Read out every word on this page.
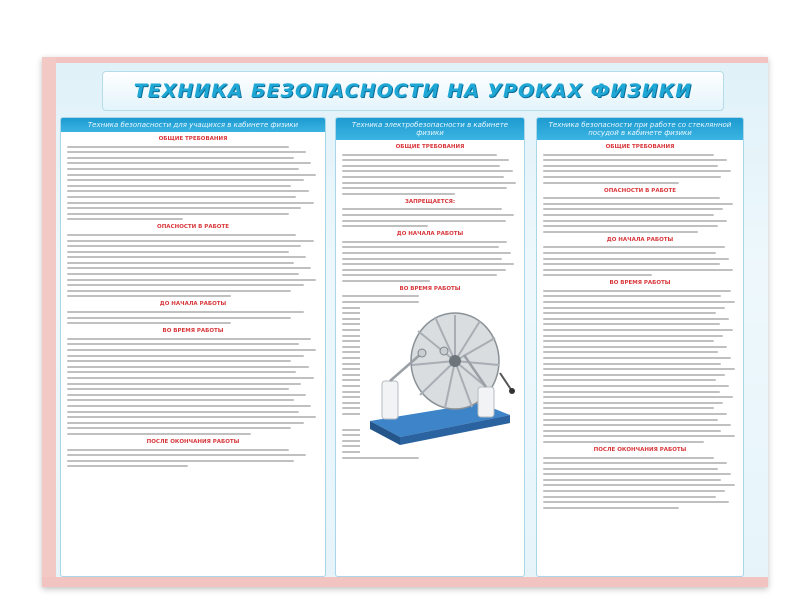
ТЕХНИКА БЕЗОПАСНОСТИ НА УРОКАХ ФИЗИКИ
Техника безопасности для учащихся в кабинете физики
ОБЩИЕ ТРЕБОВАНИЯ
ОПАСНОСТИ В РАБОТЕ
ДО НАЧАЛА РАБОТЫ
ВО ВРЕМЯ РАБОТЫ
ПОСЛЕ ОКОНЧАНИЯ РАБОТЫ
Техника электробезопасности в кабинете физики
ОБЩИЕ ТРЕБОВАНИЯ
ЗАПРЕЩАЕТСЯ:
ДО НАЧАЛА РАБОТЫ
ВО ВРЕМЯ РАБОТЫ
Техника безопасности при работе со стеклянной посудой в кабинете физики
ОБЩИЕ ТРЕБОВАНИЯ
ОПАСНОСТИ В РАБОТЕ
ДО НАЧАЛА РАБОТЫ
ВО ВРЕМЯ РАБОТЫ
ПОСЛЕ ОКОНЧАНИЯ РАБОТЫ
